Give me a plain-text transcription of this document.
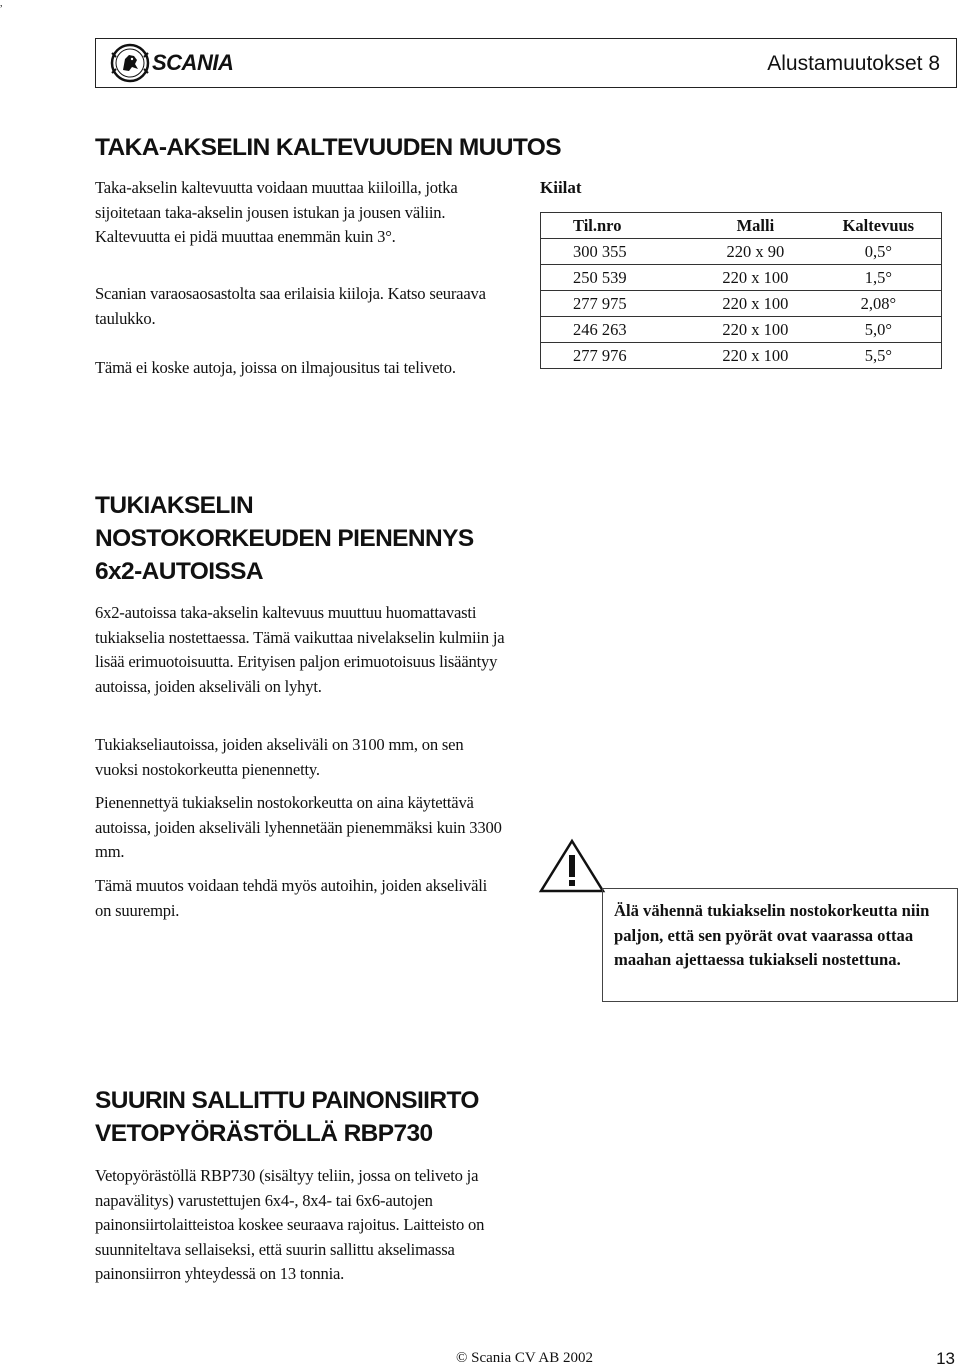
,
SCANIA	Alustamuutokset 8
TAKA-AKSELIN KALTEVUUDEN MUUTOS

Taka-akselin kaltevuutta voidaan muuttaa kiiloilla, jotka sijoitetaan taka-akselin jousen istukan ja jousen väliin. Kaltevuutta ei pidä muuttaa enemmän kuin 3°.

Scanian varaosaosastolta saa erilaisia kiiloja. Katso seuraava taulukko.

Tämä ei koske autoja, joissa on ilmajousitus tai teliveto.

Kiilat
Til.nro	Malli	Kaltevuus
300 355	220 x 90	0,5°
250 539	220 x 100	1,5°
277 975	220 x 100	2,08°
246 263	220 x 100	5,0°
277 976	220 x 100	5,5°
TUKIAKSELIN
NOSTOKORKEUDEN PIENENNYS
6x2-AUTOISSA

6x2-autoissa taka-akselin kaltevuus muuttuu huomattavasti tukiakselia nostettaessa. Tämä vaikuttaa nivelakselin kulmiin ja lisää erimuotoisuutta. Erityisen paljon erimuotoisuus lisääntyy autoissa, joiden akseliväli on lyhyt.

Tukiakseliautoissa, joiden akseliväli on 3100 mm, on sen vuoksi nostokorkeutta pienennetty.

Pienennettyä tukiakselin nostokorkeutta on aina käytettävä autoissa, joiden akseliväli lyhennetään pienemmäksi kuin 3300 mm.

Tämä muutos voidaan tehdä myös autoihin, joiden akseliväli on suurempi.	Älä vähennä tukiakselin nostokorkeutta niin paljon, että sen pyörät ovat vaarassa ottaa maahan ajettaessa tukiakseli nostettuna.
SUURIN SALLITTU PAINONSIIRTO
VETOPYÖRÄSTÖLLÄ RBP730

Vetopyörästöllä RBP730 (sisältyy teliin, jossa on teliveto ja napavälitys) varustettujen 6x4-, 8x4- tai 6x6-autojen painonsiirtolaitteistoa koskee seuraava rajoitus. Laitteisto on suunniteltava sellaiseksi, että suurin sallittu akselimassa painonsiirron yhteydessä on 13 tonnia.

© Scania CV AB 2002	13
